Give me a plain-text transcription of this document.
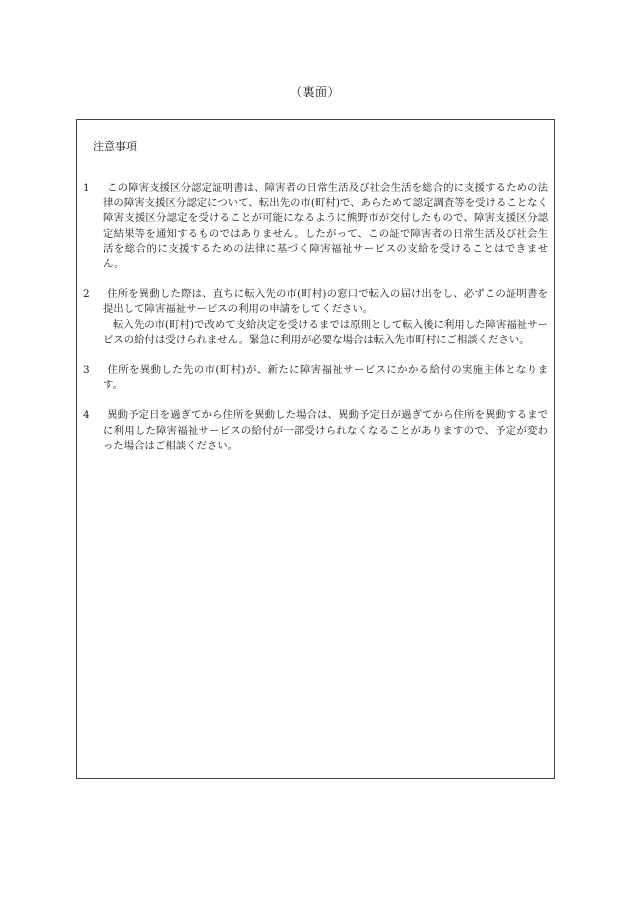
（裏面）
注意事項

1 この障害支援区分認定証明書は、障害者の日常生活及び社会生活を総合的に支援するための法律の障害支援区分認定について、転出先の市(町村)で、あらためて認定調査等を受けることなく障害支援区分認定を受けることが可能になるように熊野市が交付したもので、障害支援区分認定結果等を通知するものではありません。したがって、この証で障害者の日常生活及び社会生活を総合的に支援するための法律に基づく障害福祉サービスの支給を受けることはできません。

2 住所を異動した際は、直ちに転入先の市(町村)の窓口で転入の届け出をし、必ずこの証明書を提出して障害福祉サービスの利用の申請をしてください。

転入先の市(町村)で改めて支給決定を受けるまでは原則として転入後に利用した障害福祉サービスの給付は受けられません。緊急に利用が必要な場合は転入先市町村にご相談ください。

3 住所を異動した先の市(町村)が、新たに障害福祉サービスにかかる給付の実施主体となります。

4 異動予定日を過ぎてから住所を異動した場合は、異動予定日が過ぎてから住所を異動するまでに利用した障害福祉サービスの給付が一部受けられなくなることがありますので、予定が変わった場合はご相談ください。
